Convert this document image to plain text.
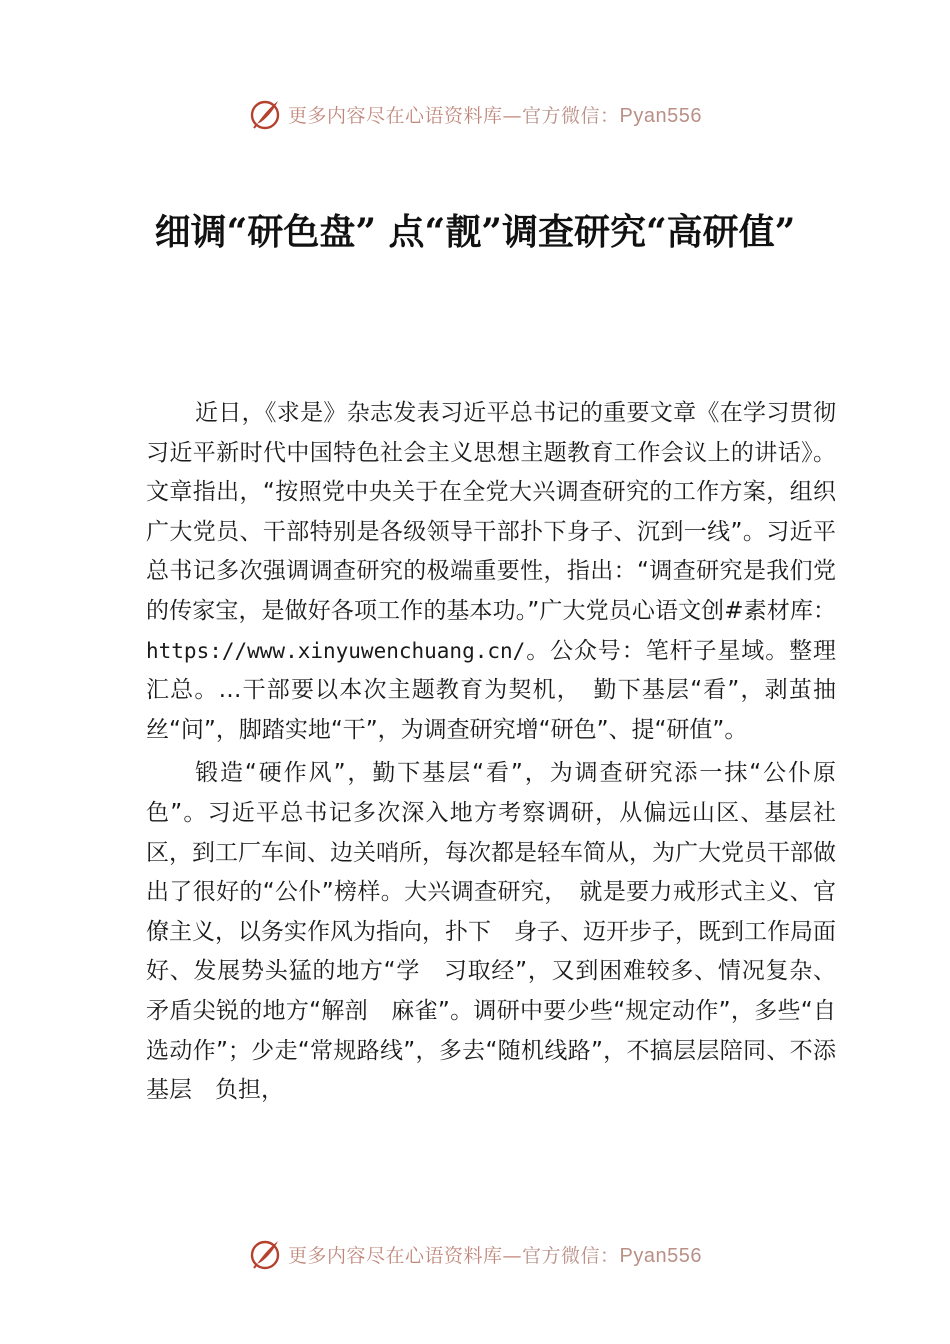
更多内容尽在心语资料库—官方微信：Pyan556
细调“研色盘” 点“靓”调查研究“高研值”

近日，《求是》杂志发表习近平总书记的重要文章《在学习贯彻习近平新时代中国特色社会主义思想主题教育工作会议上的讲话》。文章指出，“按照党中央关于在全党大兴调查研究的工作方案，组织广大党员、干部特别是各级领导干部扑下身子、沉到一线”。习近平总书记多次强调调查研究的极端重要性，指出：“调查研究是我们党的传家宝，是做好各项工作的基本功。”广大党员心语文创#素材库：https://www.xinyuwenchuang.cn/。公众号：笔杆子星域。整理汇总。…干部要以本次主题教育为契机，　勤下基层“看”，剥茧抽丝“问”，脚踏实地“干”，为调查研究增“研色”、提“研值”。

锻造“硬作风”，勤下基层“看”，为调查研究添一抹“公仆原色”。习近平总书记多次深入地方考察调研，从偏远山区、基层社区，到工厂车间、边关哨所，每次都是轻车简从，为广大党员干部做出了很好的“公仆”榜样。大兴调查研究，　就是要力戒形式主义、官僚主义，以务实作风为指向，扑下　身子、迈开步子，既到工作局面好、发展势头猛的地方“学　习取经”，又到困难较多、情况复杂、矛盾尖锐的地方“解剖　麻雀”。调研中要少些“规定动作”，多些“自选动作”；少走“常规路线”，多去“随机线路”，不搞层层陪同、不添基层　负担，

更多内容尽在心语资料库—官方微信：Pyan556
